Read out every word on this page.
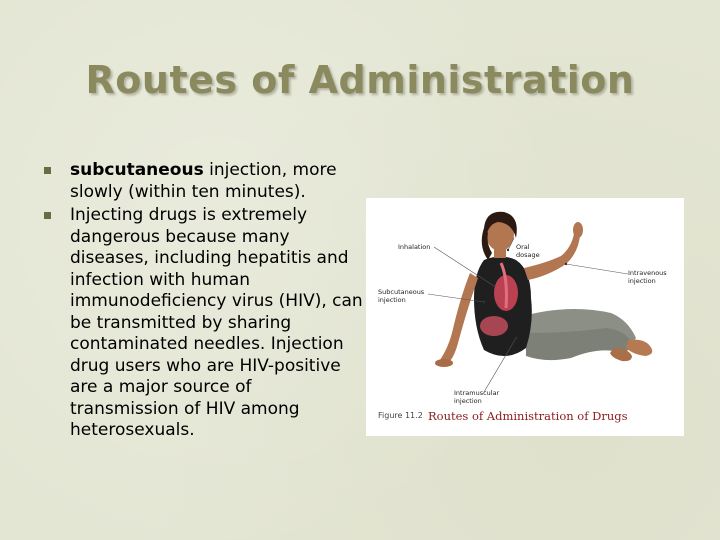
Routes of Administration
subcutaneous injection, more slowly (within ten minutes).
Injecting drugs is extremely dangerous because many diseases, including hepatitis and infection with human immunodeficiency virus (HIV), can be transmitted by sharing contaminated needles. Injection drug users who are HIV-positive are a major source of transmission of HIV among heterosexuals.
Inhalation	Oral
dosage
Intravenous
injection
Subcutaneous
injection
Intramuscular
injection
Figure 11.2 Routes of Administration of Drugs
